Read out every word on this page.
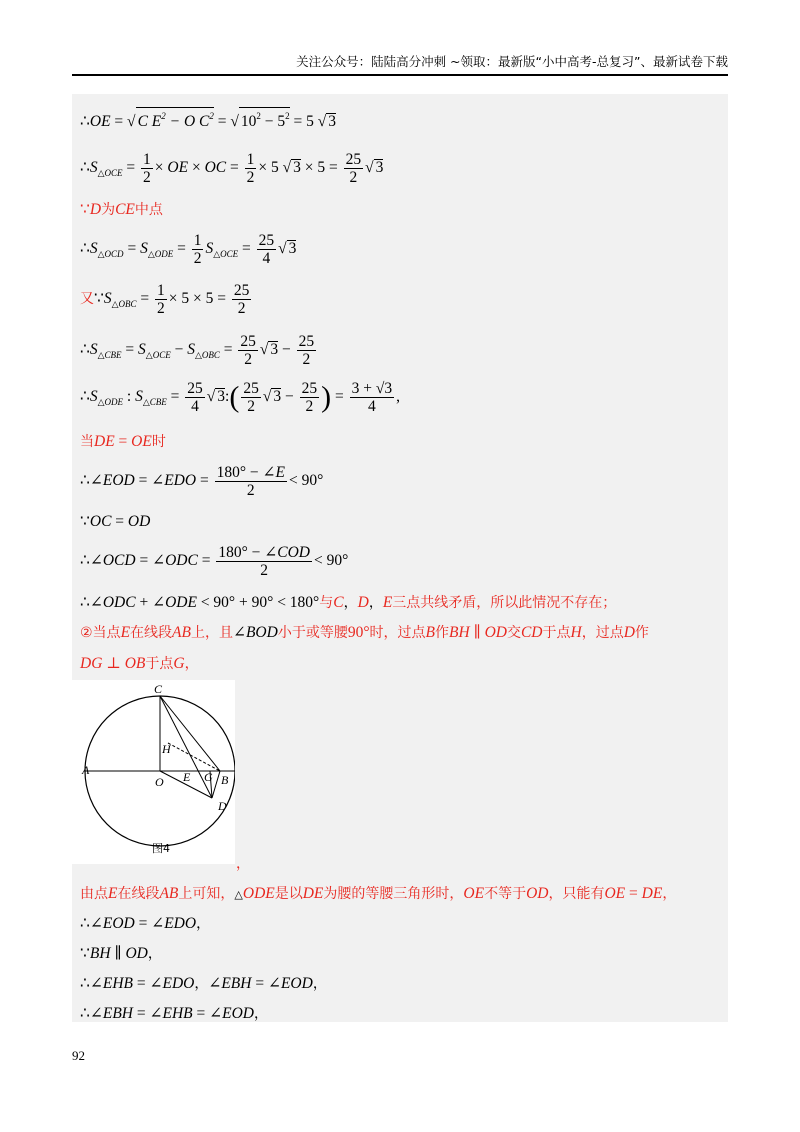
关注公众号：陆陆高分冲刺 ~领取：最新版“小中高考-总复习”、最新试卷下载
∴OE = √ C $E^2 - O$ $C^2$ = √ $10^2 - 5^2 = 5$ √ 3
$\therefore S_{\triangle OCE} = \frac{1}{2}$ × OE × OC = $\frac{1}{2} \times 5$ √ $3 \times 5 = \frac{25}{2}$ √ 3
∵D为CE中点
$\therefore S_{\triangle OCD} = S_{\triangle ODE} = \frac{1}{2} S_{\triangle OCE} = \frac{25}{4}$ √ 3
又$\because S_{\triangle OBC} = \frac{1}{2} \times 5 \times 5 = \frac{25}{2}$
$\therefore S_{\triangle CBE} = S_{\triangle OCE} - S_{\triangle OBC} = \frac{25}{2}$ √ $3 - \frac{25}{2}$
$\therefore S_{\triangle ODE}$ : $S_{\triangle CBE} = \frac{25}{4}$ √ 3:( $\frac{25}{2}$ √ $3 - \frac{25}{2}$ ) = $\frac{3 + √3}{4}$ ,
当DE = OE时
∴∠EOD = ∠EDO = $\frac{180^\circ - \angle E}{2} < 90^\circ$
∵OC = OD
∴∠OCD = ∠ODC = $\frac{\text{180° − ∠COD}}{2} < 90^\circ$
∴∠ODC + ∠ODE < 90° + 90° < 180°与C，D，E三点共线矛盾，所以此情况不存在；
②当点E在线段AB上，且∠BOD小于或等腰90°时，过点B作BH ∥ OD交CD于点H，过点D作
DG ⊥ OB于点G，
C
H
A
O E G B
D
图4
，
由点E在线段AB上可知，△ODE是以DE为腰的等腰三角形时，OE不等于OD，只能有OE = DE，
∴∠EOD = ∠EDO，
∵BH ∥ OD，
∴∠EHB = ∠EDO，∠EBH = ∠EOD，
∴∠EBH = ∠EHB = ∠EOD，
92
